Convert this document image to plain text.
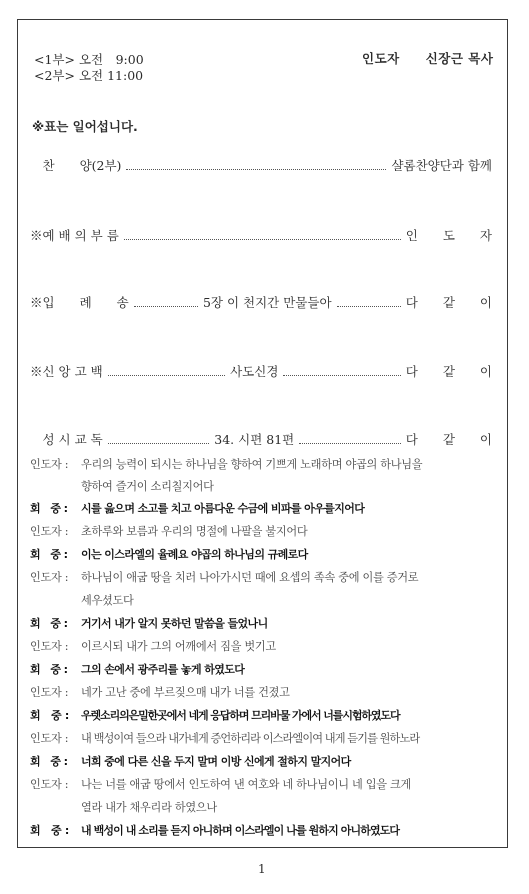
<1부> 오전　9:00
<2부> 오전 11:00
인도자　　신장근 목사
※표는 일어섭니다.
　찬　　양(2부)	샬롬찬양단과 함께
※예 배 의 부 름	인　　도　　자
※입　　례　　송	5장 이 천지간 만물들아	다　　같　　이
※신 앙 고 백	사도신경	다　　같　　이
　성 시 교 독	34. 시편 81편	다　　같　　이
인도자 : 우리의 능력이 되시는 하나님을 향하여 기쁘게 노래하며 야곱의 하나님을
향하여 즐거이 소리칠지어다
회　중 : 시를 읊으며 소고를 치고 아름다운 수금에 비파를 아우를지어다
인도자 : 초하루와 보름과 우리의 명절에 나팔을 불지어다
회　중 : 이는 이스라엘의 율례요 야곱의 하나님의 규례로다
인도자 : 하나님이 애굽 땅을 치러 나아가시던 때에 요셉의 족속 중에 이를 증거로
세우셨도다
회　중 : 거기서 내가 알지 못하던 말씀을 들었나니
인도자 : 이르시되 내가 그의 어깨에서 짐을 벗기고
회　중 : 그의 손에서 광주리를 놓게 하였도다
인도자 : 네가 고난 중에 부르짖으매 내가 너를 건졌고
회　중 : 우렛소리의은밀한곳에서 네게 응답하며 므리바물 가에서 너를시험하였도다
인도자 : 내 백성이여 들으라 내가네게 증언하리라 이스라엘이여 내게 듣기를 원하노라
회　중 : 너희 중에 다른 신을 두지 말며 이방 신에게 절하지 말지어다
인도자 : 나는 너를 애굽 땅에서 인도하여 낸 여호와 네 하나님이니 네 입을 크게
열라 내가 채우리라 하였으나
회　중 : 내 백성이 내 소리를 듣지 아니하며 이스라엘이 나를 원하지 아니하였도다
1
